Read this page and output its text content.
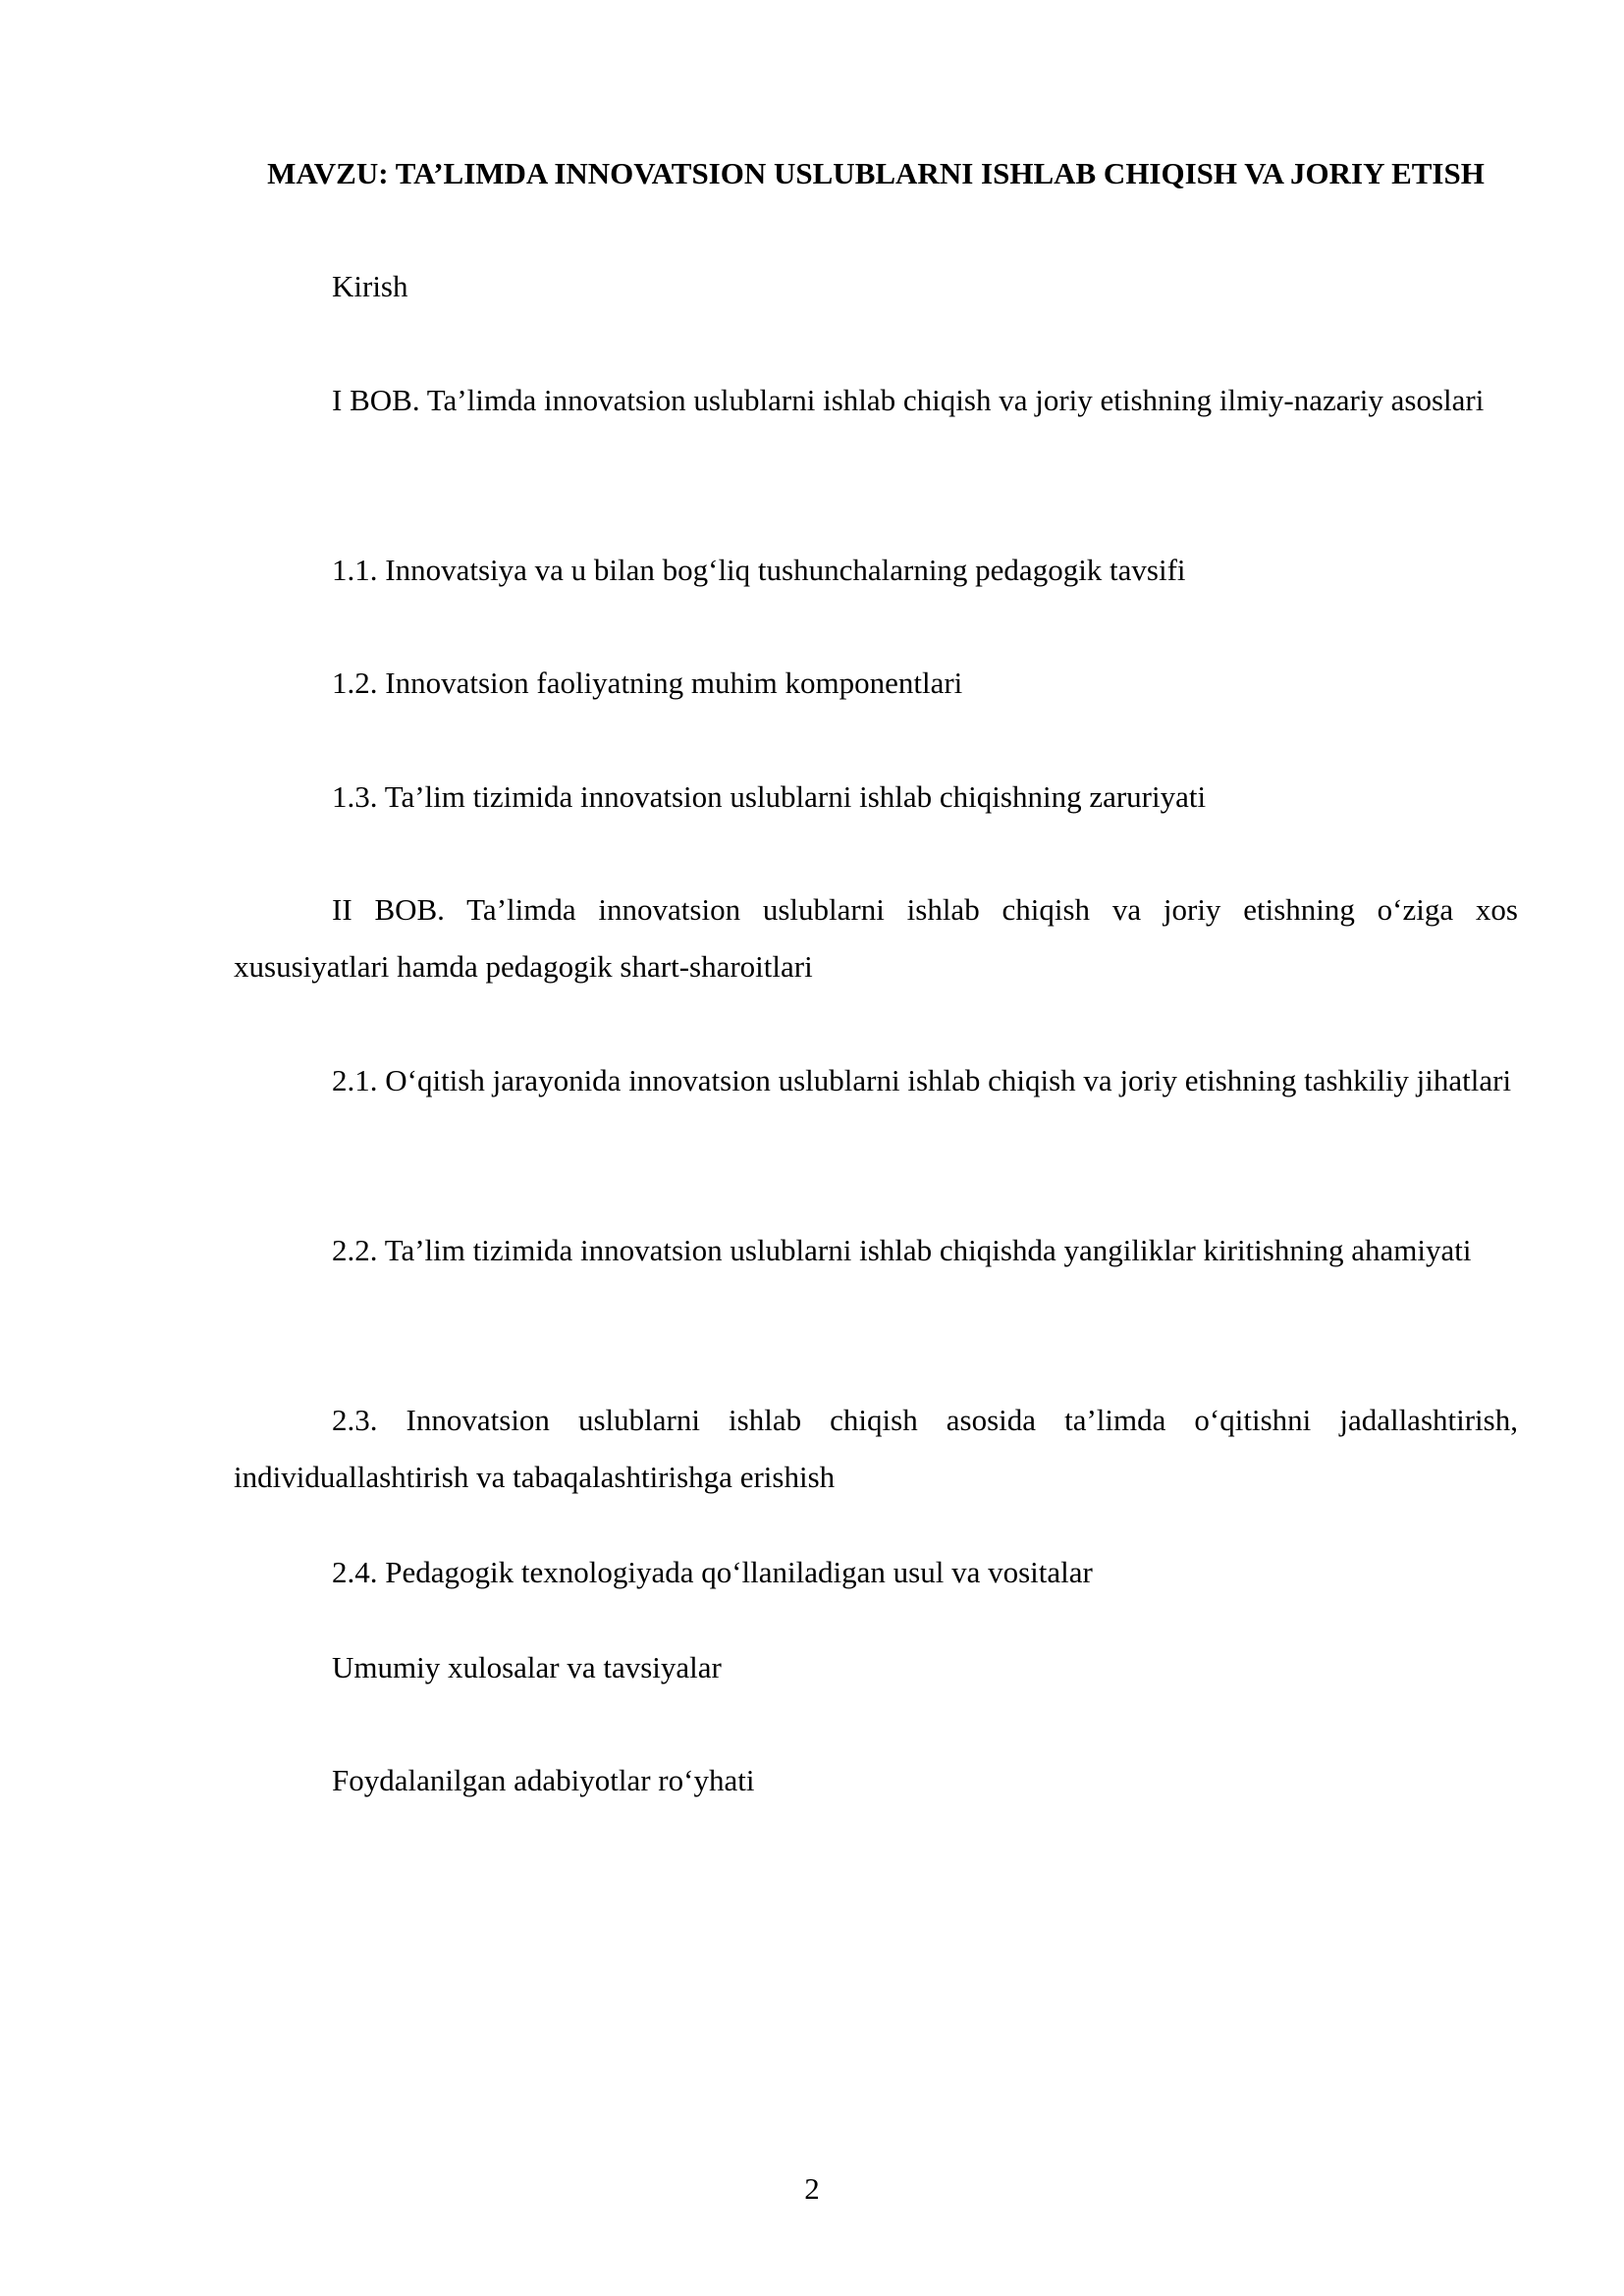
MAVZU: TA’LIMDA INNOVATSION USLUBLARNI ISHLAB CHIQISH VA JORIY ETISH

Kirish

I BOB. Ta’limda innovatsion uslublarni ishlab chiqish va joriy etishning ilmiy-nazariy asoslari

1.1. Innovatsiya va u bilan bog‘liq tushunchalarning pedagogik tavsifi

1.2. Innovatsion faoliyatning muhim komponentlari

1.3. Ta’lim tizimida innovatsion uslublarni ishlab chiqishning zaruriyati

II BOB. Ta’limda innovatsion uslublarni ishlab chiqish va joriy etishning o‘ziga xos xususiyatlari hamda pedagogik shart-sharoitlari

2.1. O‘qitish jarayonida innovatsion uslublarni ishlab chiqish va joriy etishning tashkiliy jihatlari

2.2. Ta’lim tizimida innovatsion uslublarni ishlab chiqishda yangiliklar kiritishning ahamiyati

2.3. Innovatsion uslublarni ishlab chiqish asosida ta’limda o‘qitishni jadallashtirish, individuallashtirish va tabaqalashtirishga erishish

2.4. Pedagogik texnologiyada qo‘llaniladigan usul va vositalar

Umumiy xulosalar va tavsiyalar

Foydalanilgan adabiyotlar ro‘yhati

2
